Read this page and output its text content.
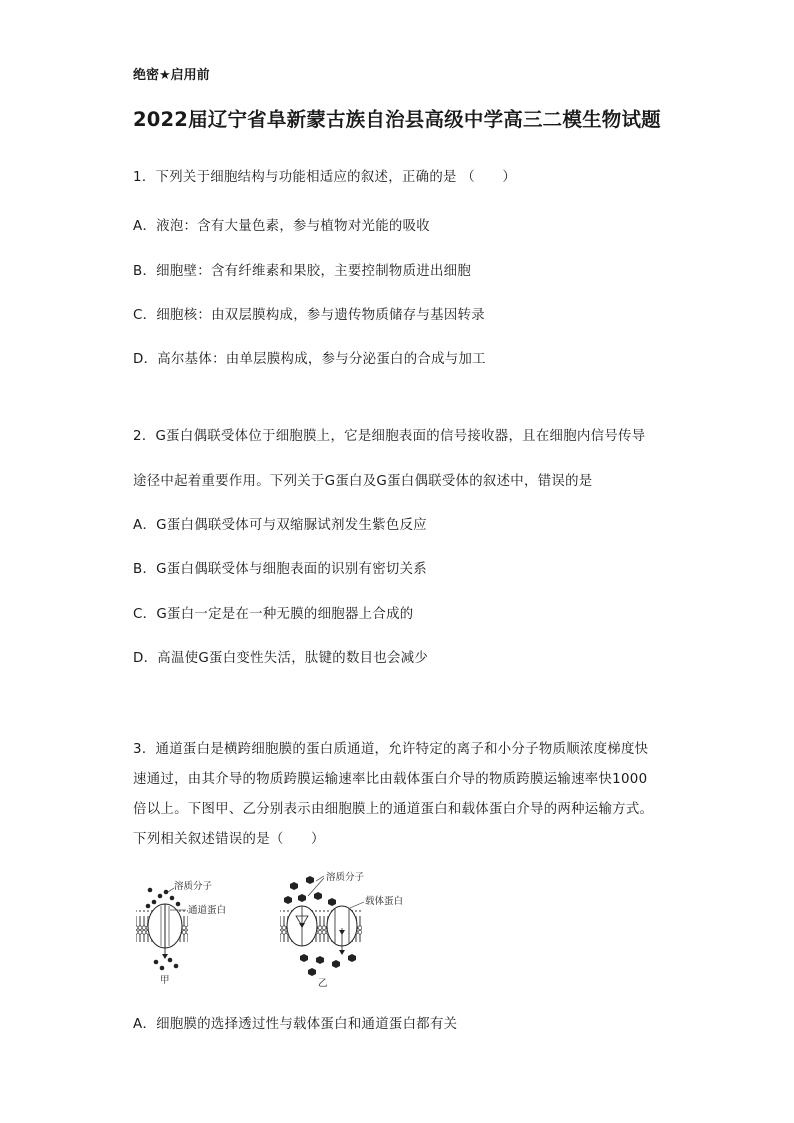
绝密★启用前
2022届辽宁省阜新蒙古族自治县高级中学高三二模生物试题
1．下列关于细胞结构与功能相适应的叙述，正确的是 （　　）
A．液泡：含有大量色素，参与植物对光能的吸收
B．细胞壁：含有纤维素和果胶，主要控制物质进出细胞
C．细胞核：由双层膜构成，参与遗传物质储存与基因转录
D．高尔基体：由单层膜构成，参与分泌蛋白的合成与加工
2．G蛋白偶联受体位于细胞膜上，它是细胞表面的信号接收器，且在细胞内信号传导
途径中起着重要作用。下列关于G蛋白及G蛋白偶联受体的叙述中，错误的是
A．G蛋白偶联受体可与双缩脲试剂发生紫色反应
B．G蛋白偶联受体与细胞表面的识别有密切关系
C．G蛋白一定是在一种无膜的细胞器上合成的
D．高温使G蛋白变性失活，肽键的数目也会减少
3．通道蛋白是横跨细胞膜的蛋白质通道，允许特定的离子和小分子物质顺浓度梯度快
速通过，由其介导的物质跨膜运输速率比由载体蛋白介导的物质跨膜运输速率快1000
倍以上。下图甲、乙分别表示由细胞膜上的通道蛋白和载体蛋白介导的两种运输方式。
下列相关叙述错误的是（　　）
溶质分子
通道蛋白
甲
溶质分子
载体蛋白
乙
A．细胞膜的选择透过性与载体蛋白和通道蛋白都有关
